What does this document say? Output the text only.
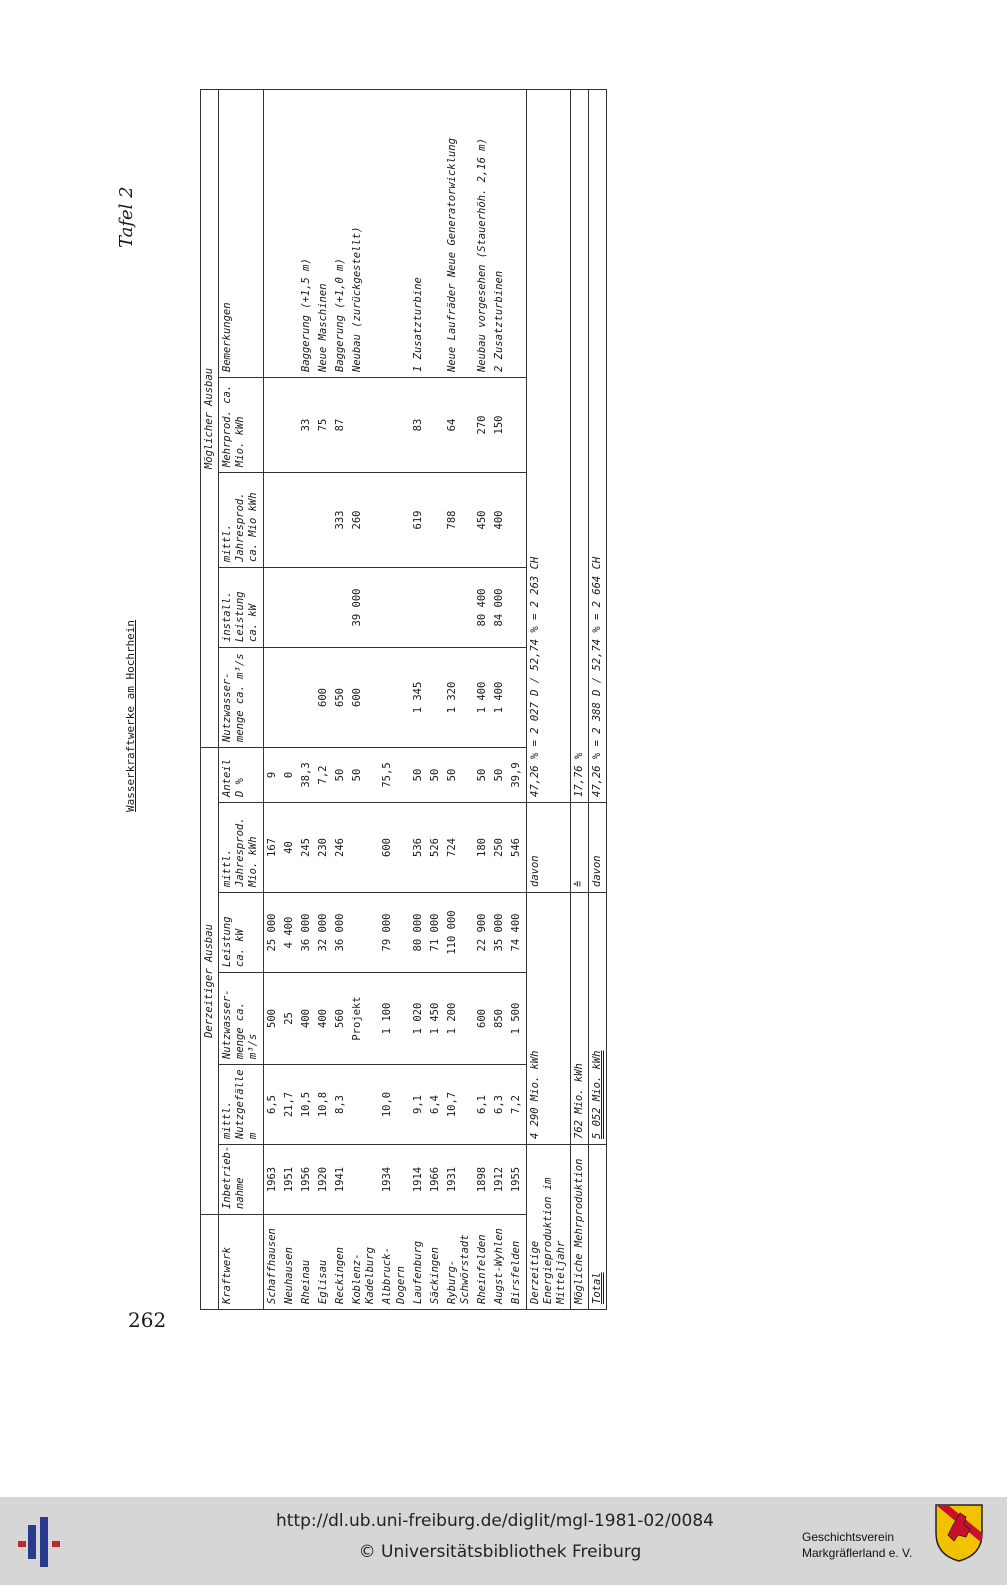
262
Tafel 2
Wasserkraftwerke am Hochrhein
	Derzeitiger Ausbau						Möglicher Ausbau				
Kraftwerk	Inbetrieb-nahme	mittl. Nutzgefälle m	Nutzwasser-menge ca. m³/s	Leistung ca. kW	mittl. Jahresprod. Mio. kWh	Anteil D %	Nutzwasser-menge ca. m³/s	install. Leistung ca. kW	mittl. Jahresprod. ca. Mio kWh	Mehrprod. ca. Mio. kWh	Bemerkungen
Schaffhausen	1963	6,5	500	25 000	167	9					
Neuhausen	1951	21,7	25	4 400	40	0					
Rheinau	1956	10,5	400	36 000	245	38,3				33	Baggerung (+1,5 m)
Eglisau	1920	10,8	400	32 000	230	7,2	600			75	Neue Maschinen
Reckingen	1941	8,3	560	36 000	246	50	650		333	87	Baggerung (+1,0 m)
Koblenz-Kadelburg			Projekt			50	600	39 000	260		Neubau (zurückgestellt)
Albbruck-Dogern	1934	10,0	1 100	79 000	600	75,5					
Laufenburg	1914	9,1	1 020	80 000	536	50	1 345		619	83	1 Zusatzturbine
Säckingen	1966	6,4	1 450	71 000	526	50					
Ryburg-Schwörstadt	1931	10,7	1 200	110 000	724	50	1 320		788	64	Neue Laufräder Neue Generatorwicklung
Rheinfelden	1898	6,1	600	22 900	180	50	1 400	80 400	450	270	Neubau vorgesehen (Stauerhöh. 2,16 m)
Augst-Wyhlen	1912	6,3	850	35 000	250	50	1 400	84 000	400	150	2 Zusatzturbinen
Birsfelden	1955	7,2	1 500	74 400	546	39,9					
Derzeitige Energieproduktion im Mitteljahr		4 290 Mio. kWh			davon	47,26 % = 2 027 D / 52,74 % = 2 263 CH					
Mögliche Mehrproduktion		762 Mio. kWh			≙	17,76 %					
Total		5 052 Mio. kWh			davon	47,26 % = 2 388 D / 52,74 % = 2 664 CH					
http://dl.ub.uni-freiburg.de/diglit/mgl-1981-02/0084
© Universitätsbibliothek Freiburg
Geschichtsverein
Markgräflerland e. V.
